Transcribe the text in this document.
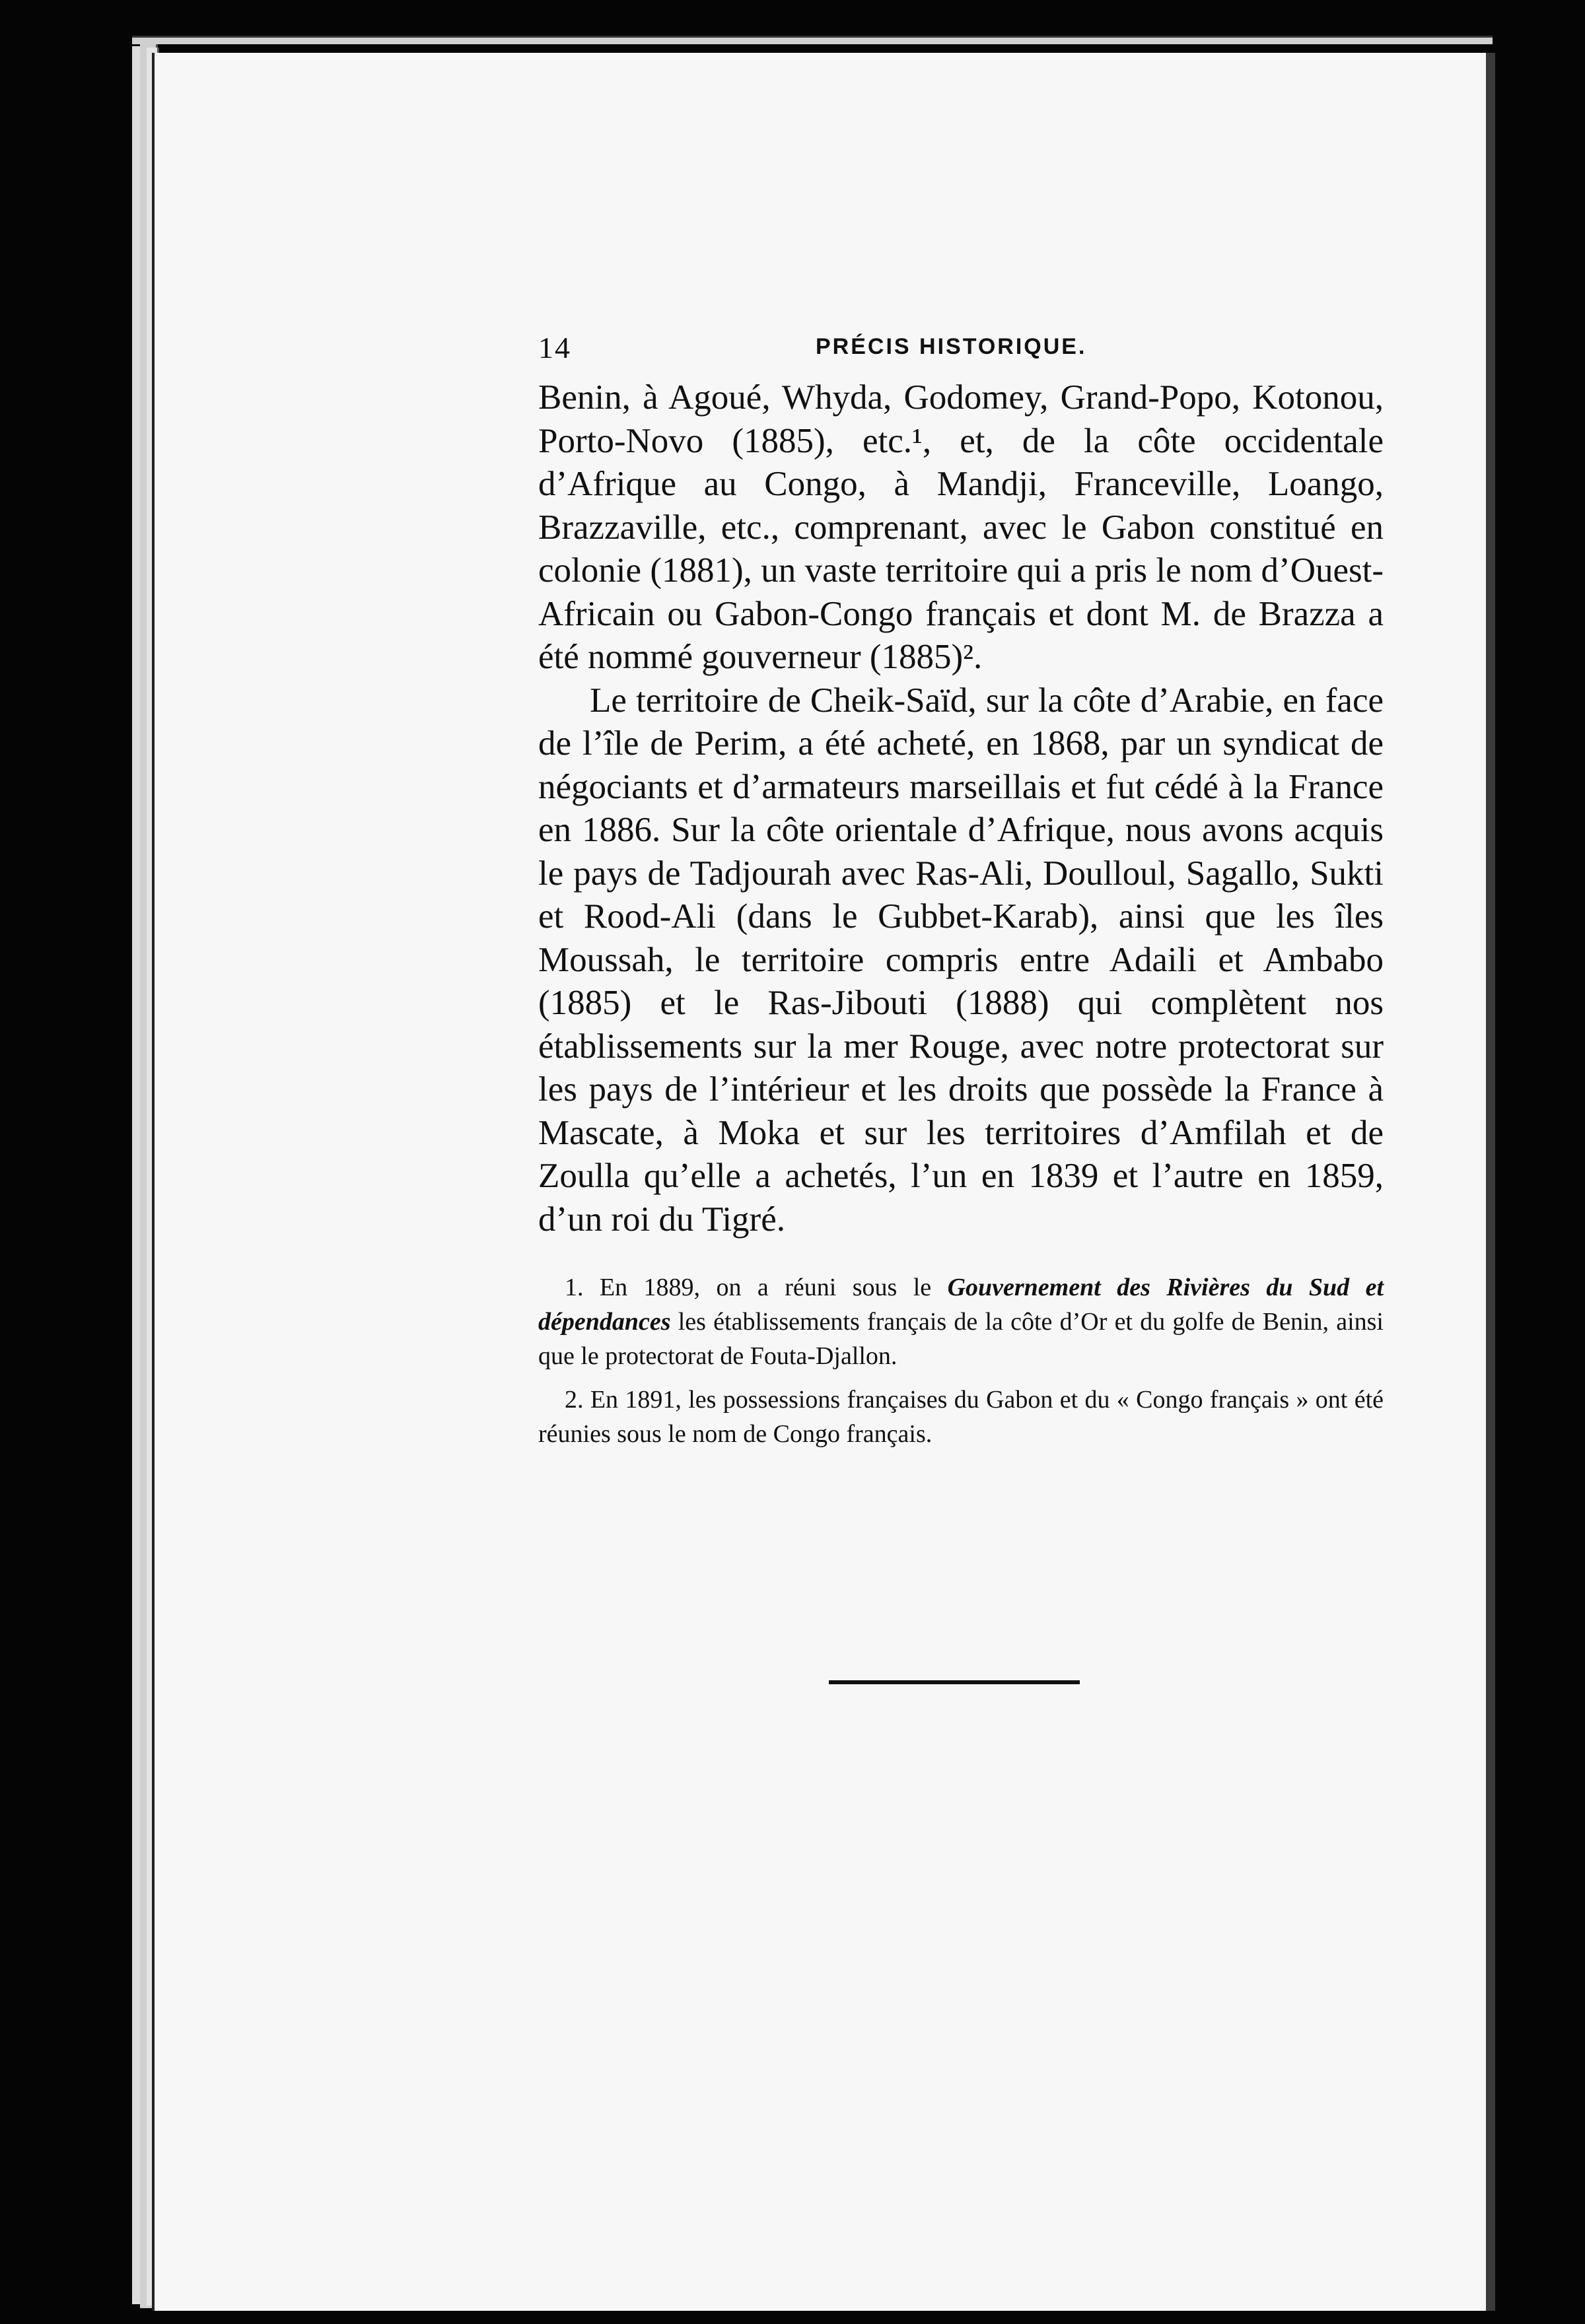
14	PRÉCIS HISTORIQUE.

Benin, à Agoué, Whyda, Godomey, Grand-Popo, Kotonou, Porto-Novo (1885), etc.¹, et, de la côte occidentale d’Afrique au Congo, à Mandji, Franceville, Loango, Brazzaville, etc., comprenant, avec le Gabon constitué en colonie (1881), un vaste territoire qui a pris le nom d’Ouest-Africain ou Gabon-Congo français et dont M. de Brazza a été nommé gouverneur (1885)².

Le territoire de Cheik-Saïd, sur la côte d’Arabie, en face de l’île de Perim, a été acheté, en 1868, par un syndicat de négociants et d’armateurs marseillais et fut cédé à la France en 1886. Sur la côte orientale d’Afrique, nous avons acquis le pays de Tadjourah avec Ras-Ali, Doulloul, Sagallo, Sukti et Rood-Ali (dans le Gubbet-Karab), ainsi que les îles Moussah, le territoire compris entre Adaili et Ambabo (1885) et le Ras-Jibouti (1888) qui complètent nos établissements sur la mer Rouge, avec notre protectorat sur les pays de l’intérieur et les droits que possède la France à Mascate, à Moka et sur les territoires d’Amfilah et de Zoulla qu’elle a achetés, l’un en 1839 et l’autre en 1859, d’un roi du Tigré.

1. En 1889, on a réuni sous le Gouvernement des Rivières du Sud et dépendances les établissements français de la côte d’Or et du golfe de Benin, ainsi que le protectorat de Fouta-Djallon.

2. En 1891, les possessions françaises du Gabon et du « Congo français » ont été réunies sous le nom de Congo français.
